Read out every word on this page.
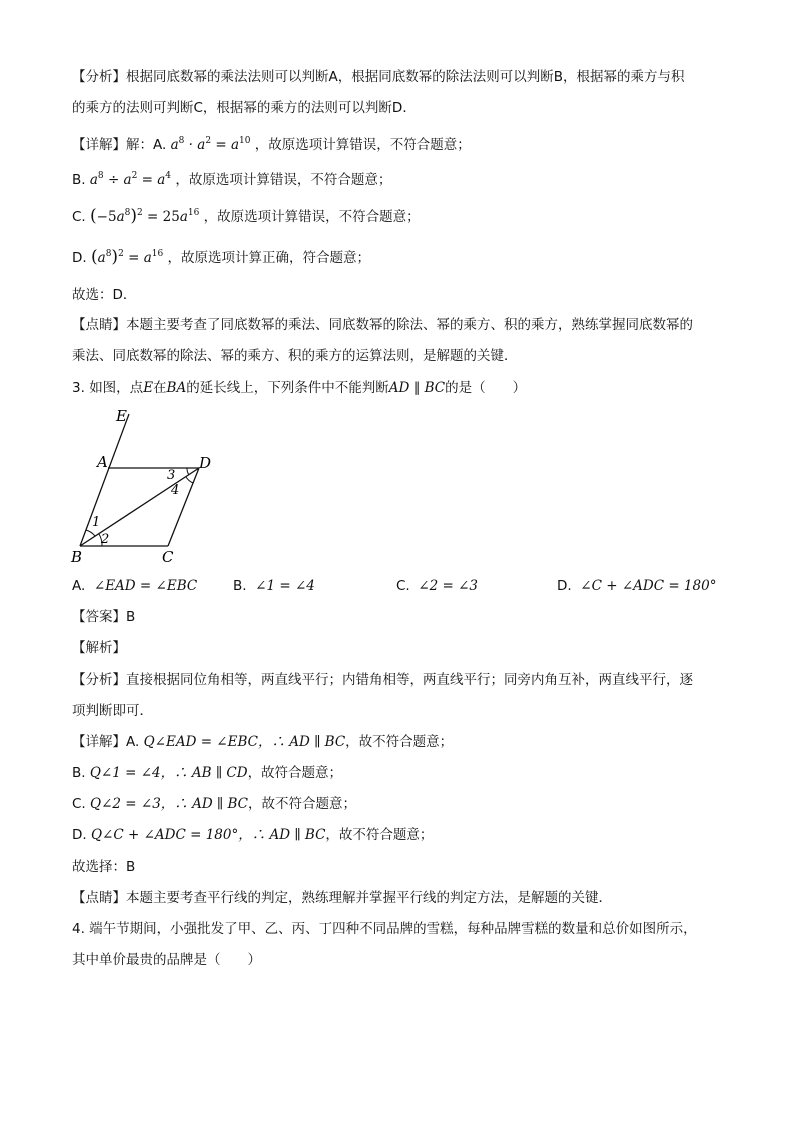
【分析】根据同底数幂的乘法法则可以判断A，根据同底数幂的除法法则可以判断B，根据幂的乘方与积
的乘方的法则可判断C，根据幂的乘方的法则可以判断D．
【详解】解：A. $a^8 \cdot a^2 = a^{10}$ ，故原选项计算错误，不符合题意；
B. $a^8 \div a^2 = a^4$ ，故原选项计算错误，不符合题意；
C. $(-5a^8)^2 = 25a^{16}$ ，故原选项计算错误，不符合题意；
D. $(a^8)^2 = a^{16}$ ，故原选项计算正确，符合题意；
故选：D．
【点睛】本题主要考查了同底数幂的乘法、同底数幂的除法、幂的乘方、积的乘方，熟练掌握同底数幂的
乘法、同底数幂的除法、幂的乘方、积的乘方的运算法则，是解题的关键．
3. 如图，点E在BA的延长线上，下列条件中不能判断AD ∥ BC的是（　　）
E
A	D
B	C
1
2
3
4
A. ∠EAD = ∠EBC	B. ∠1 = ∠4	C. ∠2 = ∠3	D. ∠C + ∠ADC = 180°
【答案】B
【解析】
【分析】直接根据同位角相等，两直线平行；内错角相等，两直线平行；同旁内角互补，两直线平行，逐
项判断即可．
【详解】A. Q∠EAD = ∠EBC，∴ AD ∥ BC，故不符合题意；
B. Q∠1 = ∠4，∴ AB ∥ CD，故符合题意；
C. Q∠2 = ∠3，∴ AD ∥ BC，故不符合题意；
D. Q∠C + ∠ADC = 180°，∴ AD ∥ BC，故不符合题意；
故选择：B
【点睛】本题主要考查平行线的判定，熟练理解并掌握平行线的判定方法，是解题的关键．
4. 端午节期间，小强批发了甲、乙、丙、丁四种不同品牌的雪糕，每种品牌雪糕的数量和总价如图所示，
其中单价最贵的品牌是（　　）
